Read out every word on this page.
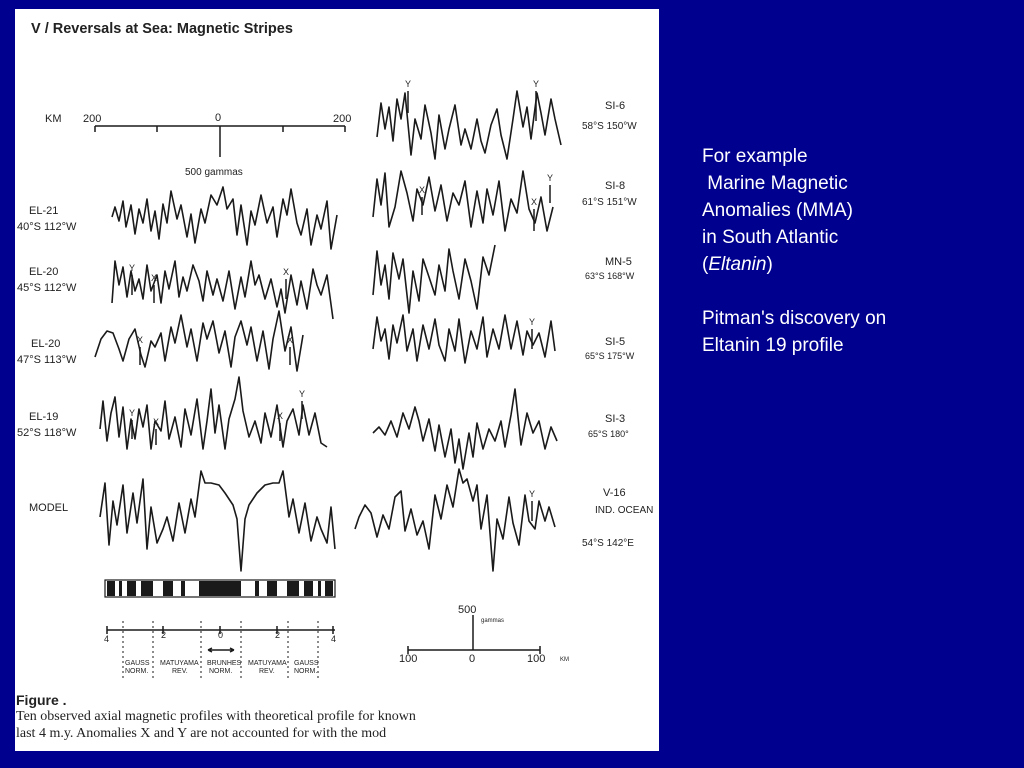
V / Reversals at Sea: Magnetic Stripes
KM 200	0	200
500 gammas
EL-21
40°S 112°W
EL-20
45°S 112°W
EL-20
47°S 113°W
EL-19
52°S 118°W
MODEL
SI-6
58°S 150°W
SI-8
61°S 151°W
MN-5
63°S 168°W
SI-5
65°S 175°W
SI-3
65°S 180°
V-16
IND. OCEAN
54°S 142°E
Y
X
X
X	X
Y
X
X
Y
Y	Y
X
X
Y
Y
Y
4	2	0	2	4
GAUSS
NORM.
MATUYAMA
REV.
BRUNHES
NORM.
MATUYAMA
REV.
GAUSS
NORM.
500
gammas
100	0	100 KM
Figure .
Ten observed axial magnetic profiles with theoretical profile for known
last 4 m.y. Anomalies X and Y are not accounted for with the mod
For example
Marine Magnetic
Anomalies (MMA)
in South Atlantic
(Eltanin)

Pitman's discovery on
Eltanin 19 profile
